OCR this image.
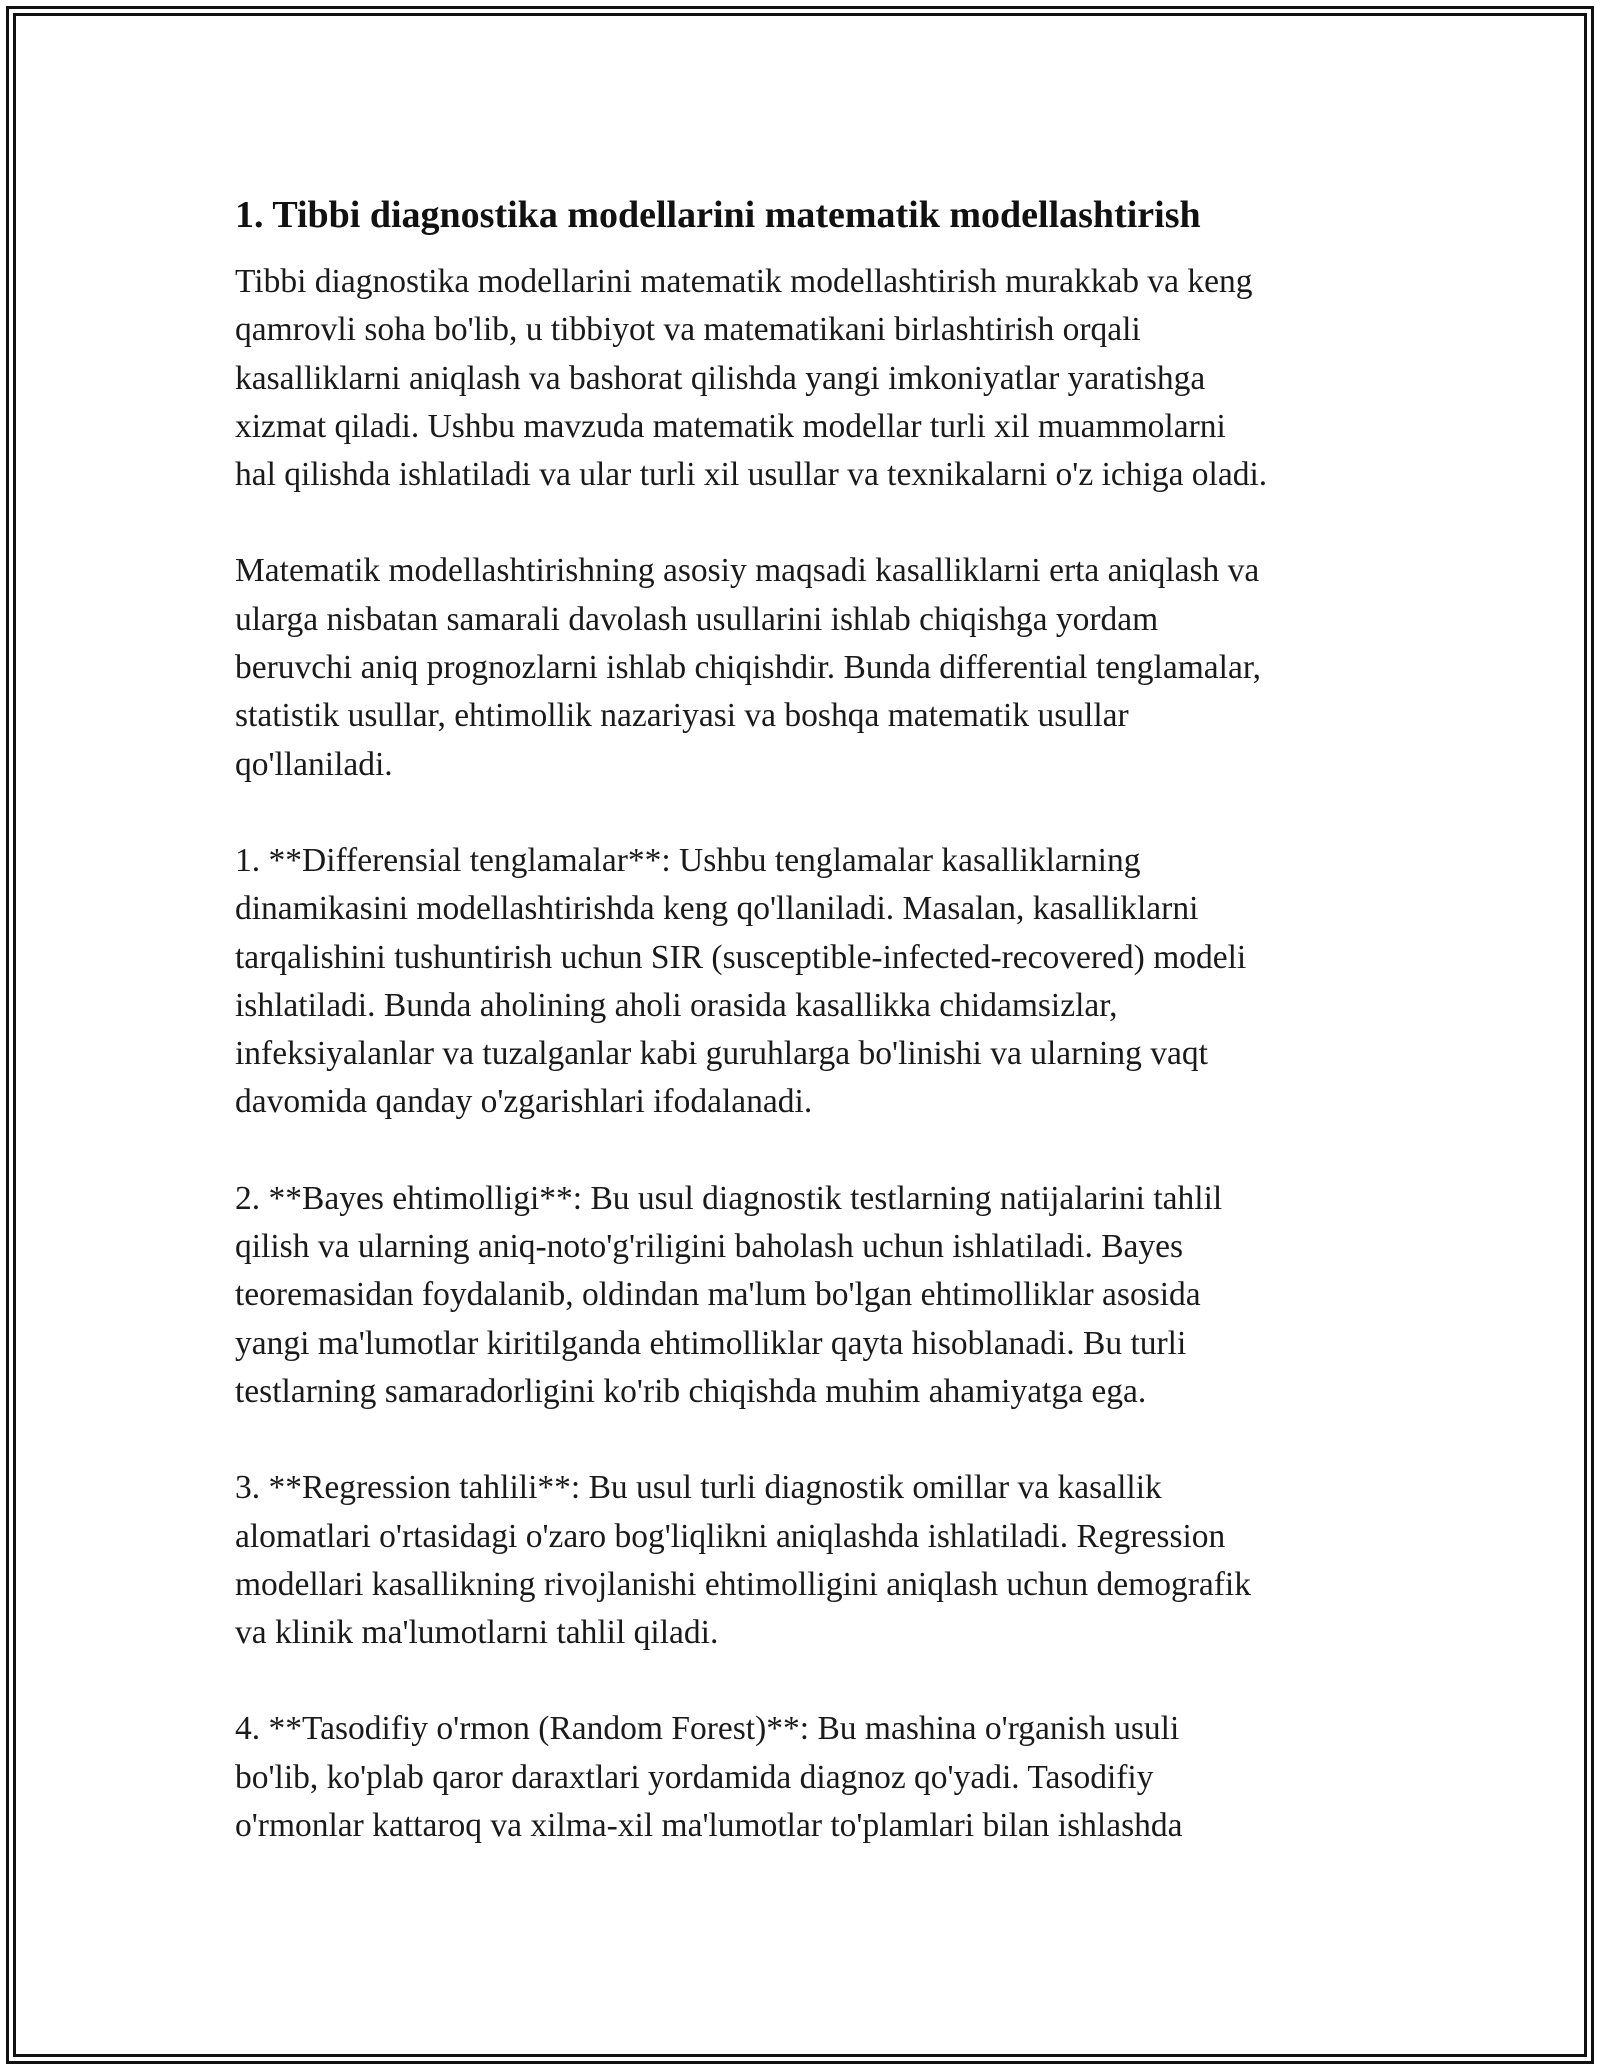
1. Tibbi diagnostika modellarini matematik modellashtirish

Tibbi diagnostika modellarini matematik modellashtirish murakkab va keng
qamrovli soha bo'lib, u tibbiyot va matematikani birlashtirish orqali
kasalliklarni aniqlash va bashorat qilishda yangi imkoniyatlar yaratishga
xizmat qiladi. Ushbu mavzuda matematik modellar turli xil muammolarni
hal qilishda ishlatiladi va ular turli xil usullar va texnikalarni o'z ichiga oladi.

Matematik modellashtirishning asosiy maqsadi kasalliklarni erta aniqlash va
ularga nisbatan samarali davolash usullarini ishlab chiqishga yordam
beruvchi aniq prognozlarni ishlab chiqishdir. Bunda differential tenglamalar,
statistik usullar, ehtimollik nazariyasi va boshqa matematik usullar
qo'llaniladi.

1. **Differensial tenglamalar**: Ushbu tenglamalar kasalliklarning
dinamikasini modellashtirishda keng qo'llaniladi. Masalan, kasalliklarni
tarqalishini tushuntirish uchun SIR (susceptible-infected-recovered) modeli
ishlatiladi. Bunda aholining aholi orasida kasallikka chidamsizlar,
infeksiyalanlar va tuzalganlar kabi guruhlarga bo'linishi va ularning vaqt
davomida qanday o'zgarishlari ifodalanadi.

2. **Bayes ehtimolligi**: Bu usul diagnostik testlarning natijalarini tahlil
qilish va ularning aniq-noto'g'riligini baholash uchun ishlatiladi. Bayes
teoremasidan foydalanib, oldindan ma'lum bo'lgan ehtimolliklar asosida
yangi ma'lumotlar kiritilganda ehtimolliklar qayta hisoblanadi. Bu turli
testlarning samaradorligini ko'rib chiqishda muhim ahamiyatga ega.

3. **Regression tahlili**: Bu usul turli diagnostik omillar va kasallik
alomatlari o'rtasidagi o'zaro bog'liqlikni aniqlashda ishlatiladi. Regression
modellari kasallikning rivojlanishi ehtimolligini aniqlash uchun demografik
va klinik ma'lumotlarni tahlil qiladi.

4. **Tasodifiy o'rmon (Random Forest)**: Bu mashina o'rganish usuli
bo'lib, ko'plab qaror daraxtlari yordamida diagnoz qo'yadi. Tasodifiy
o'rmonlar kattaroq va xilma-xil ma'lumotlar to'plamlari bilan ishlashda
